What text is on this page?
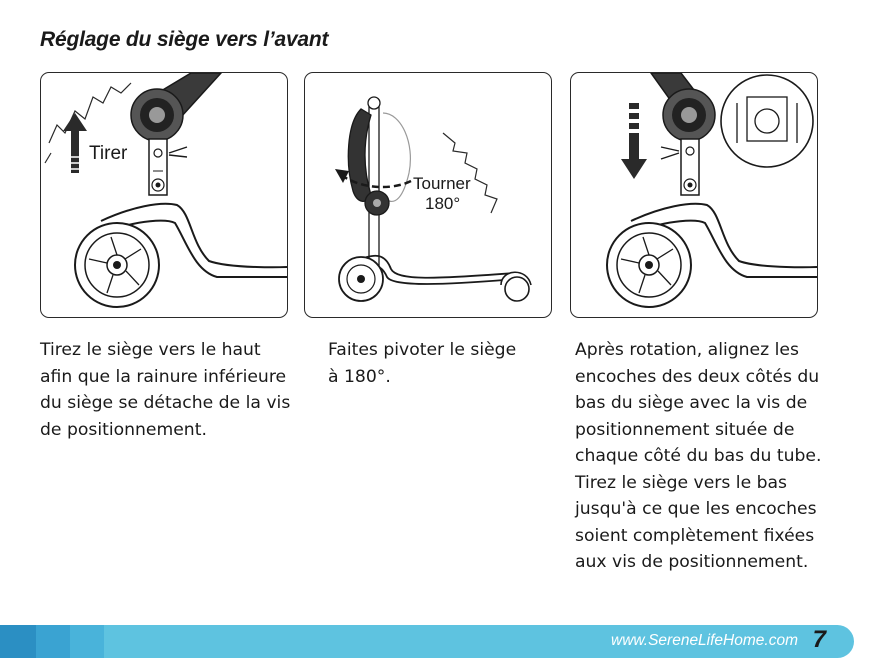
Réglage du siège vers l’avant
Tirer
Tourner
180°
Tirez le siège vers le haut
afin que la rainure inférieure
du siège se détache de la vis
de positionnement.
Faites pivoter le siège
à 180°.
Après rotation, alignez les
encoches des deux côtés du
bas du siège avec la vis de
positionnement située de
chaque côté du bas du tube.
Tirez le siège vers le bas
jusqu'à ce que les encoches
soient complètement fixées
aux vis de positionnement.
www.SereneLifeHome.com 7
